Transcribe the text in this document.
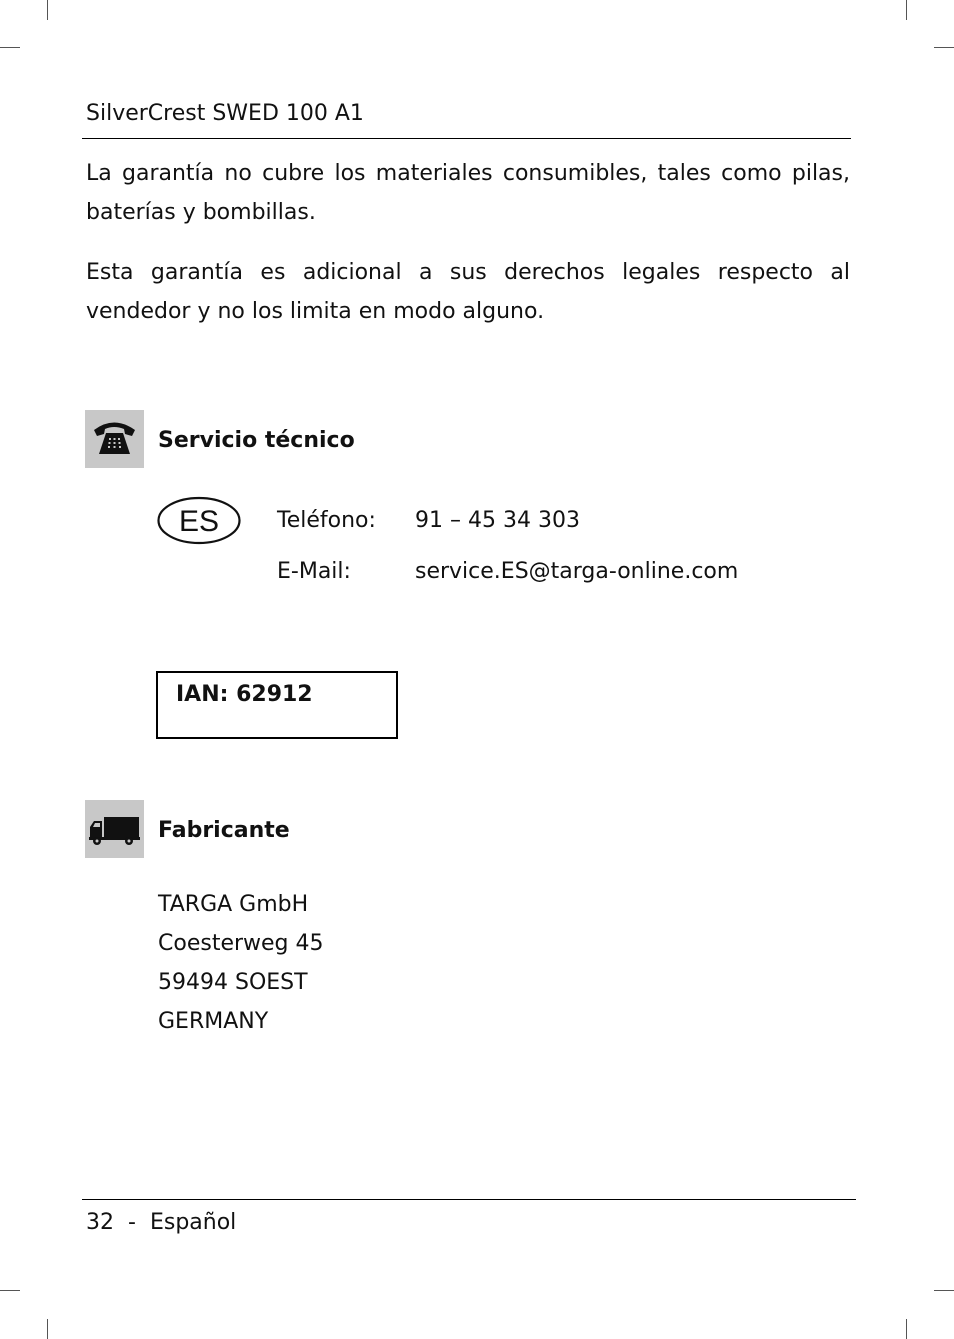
SilverCrest SWED 100 A1

La garantía no cubre los materiales consumibles, tales como pilas, baterías y bombillas.

Esta garantía es adicional a sus derechos legales respecto al vendedor y no los limita en modo alguno.

Servicio técnico
ES	Teléfono: 91 – 45 34 303
E-Mail:	service.ES@targa-online.com
IAN: 62912
Fabricante
TARGA GmbH
Coesterweg 45
59494 SOEST
GERMANY
32 - Español
